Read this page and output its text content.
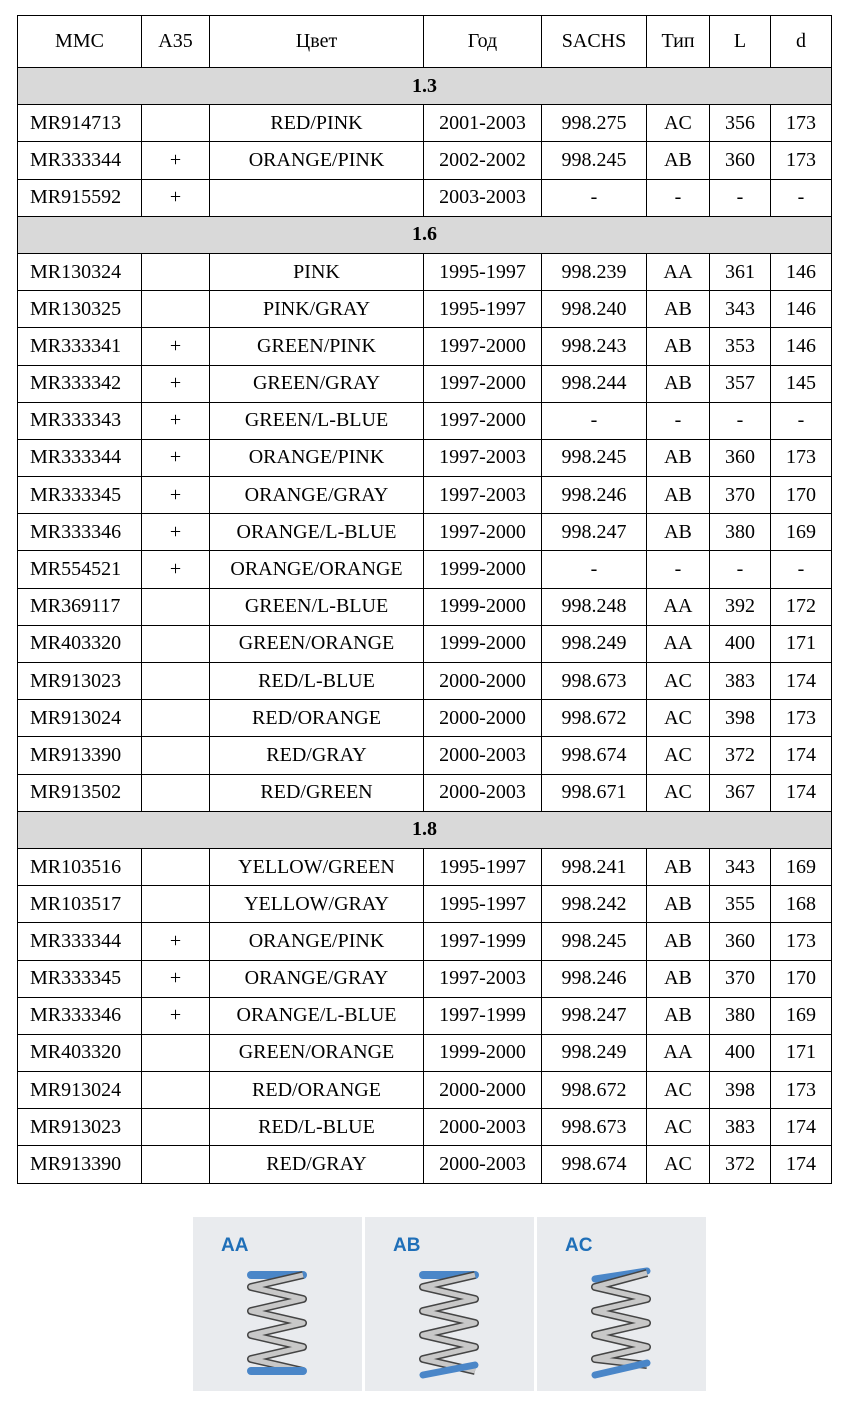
MMC	A35	Цвет	Год	SACHS	Тип	L	d
1.3							
MR914713		RED/PINK	2001-2003	998.275	AC	356	173
MR333344	+	ORANGE/PINK	2002-2002	998.245	AB	360	173
MR915592	+		2003-2003	-	-	-	-
1.6							
MR130324		PINK	1995-1997	998.239	AA	361	146
MR130325		PINK/GRAY	1995-1997	998.240	AB	343	146
MR333341	+	GREEN/PINK	1997-2000	998.243	AB	353	146
MR333342	+	GREEN/GRAY	1997-2000	998.244	AB	357	145
MR333343	+	GREEN/L-BLUE	1997-2000	-	-	-	-
MR333344	+	ORANGE/PINK	1997-2003	998.245	AB	360	173
MR333345	+	ORANGE/GRAY	1997-2003	998.246	AB	370	170
MR333346	+	ORANGE/L-BLUE	1997-2000	998.247	AB	380	169
MR554521	+	ORANGE/ORANGE	1999-2000	-	-	-	-
MR369117		GREEN/L-BLUE	1999-2000	998.248	AA	392	172
MR403320		GREEN/ORANGE	1999-2000	998.249	AA	400	171
MR913023		RED/L-BLUE	2000-2000	998.673	AC	383	174
MR913024		RED/ORANGE	2000-2000	998.672	AC	398	173
MR913390		RED/GRAY	2000-2003	998.674	AC	372	174
MR913502		RED/GREEN	2000-2003	998.671	AC	367	174
1.8							
MR103516		YELLOW/GREEN	1995-1997	998.241	AB	343	169
MR103517		YELLOW/GRAY	1995-1997	998.242	AB	355	168
MR333344	+	ORANGE/PINK	1997-1999	998.245	AB	360	173
MR333345	+	ORANGE/GRAY	1997-2003	998.246	AB	370	170
MR333346	+	ORANGE/L-BLUE	1997-1999	998.247	AB	380	169
MR403320		GREEN/ORANGE	1999-2000	998.249	AA	400	171
MR913024		RED/ORANGE	2000-2000	998.672	AC	398	173
MR913023		RED/L-BLUE	2000-2003	998.673	AC	383	174
MR913390		RED/GRAY	2000-2003	998.674	AC	372	174
AA	AB	AC
